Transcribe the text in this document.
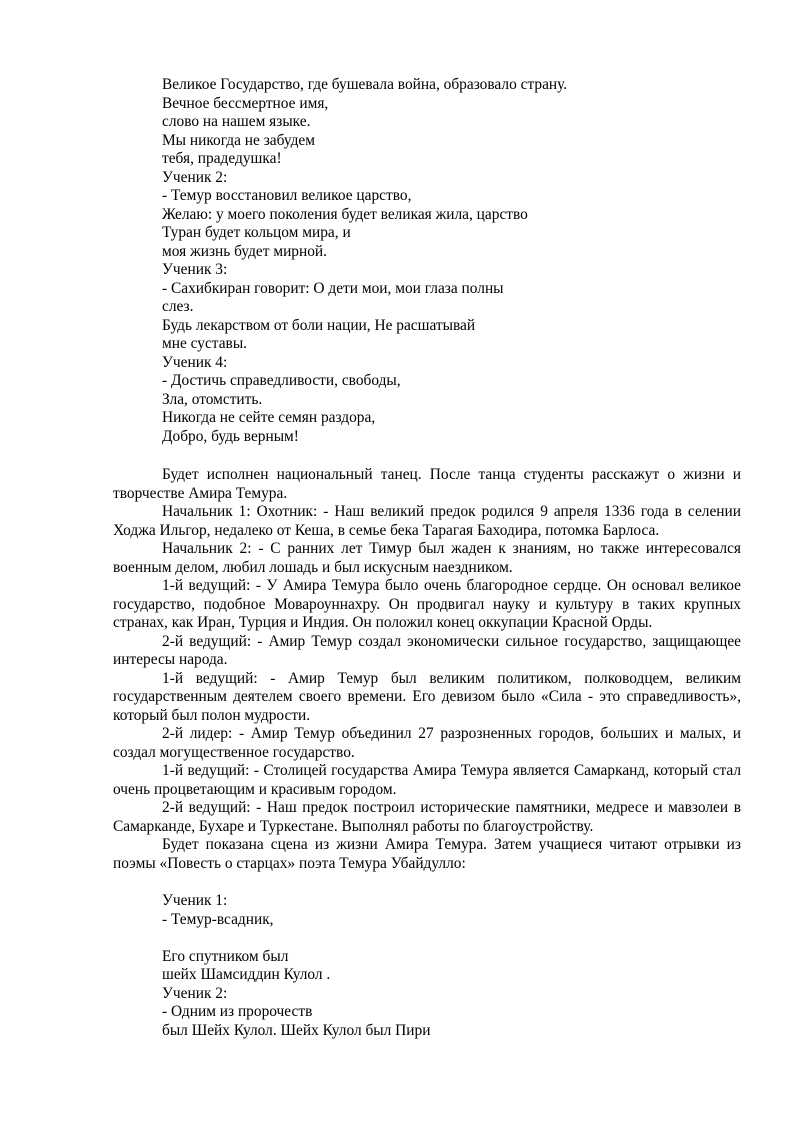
Великое Государство, где бушевала война, образовало страну.
Вечное бессмертное имя,
слово на нашем языке.
Мы никогда не забудем
тебя, прадедушка!
Ученик 2:
- Темур восстановил великое царство,
Желаю: у моего поколения будет великая жила, царство
Туран будет кольцом мира, и
моя жизнь будет мирной.
Ученик 3:
- Сахибкиран говорит: О дети мои, мои глаза полны
слез.
Будь лекарством от боли нации, Не расшатывай
мне суставы.
Ученик 4:
- Достичь справедливости, свободы,
Зла, отомстить.
Никогда не сейте семян раздора,
Добро, будь верным!

Будет исполнен национальный танец. После танца студенты расскажут о жизни и творчестве Амира Темура.

Начальник 1: Охотник: - Наш великий предок родился 9 апреля 1336 года в селении Ходжа Ильгор, недалеко от Кеша, в семье бека Тарагая Баходира, потомка Барлоса.

Начальник 2: - С ранних лет Тимур был жаден к знаниям, но также интересовался военным делом, любил лошадь и был искусным наездником.

1-й ведущий: - У Амира Темура было очень благородное сердце. Он основал великое государство, подобное Мовароуннахру. Он продвигал науку и культуру в таких крупных странах, как Иран, Турция и Индия. Он положил конец оккупации Красной Орды.

2-й ведущий: - Амир Темур создал экономически сильное государство, защищающее интересы народа.

1-й ведущий: - Амир Темур был великим политиком, полководцем, великим государственным деятелем своего времени. Его девизом было «Сила - это справедливость», который был полон мудрости.

2-й лидер: - Амир Темур объединил 27 разрозненных городов, больших и малых, и создал могущественное государство.

1-й ведущий: - Столицей государства Амира Темура является Самарканд, который стал очень процветающим и красивым городом.

2-й ведущий: - Наш предок построил исторические памятники, медресе и мавзолеи в Самарканде, Бухаре и Туркестане. Выполнял работы по благоустройству.

Будет показана сцена из жизни Амира Темура. Затем учащиеся читают отрывки из поэмы «Повесть о старцах» поэта Темура Убайдулло:

Ученик 1:
- Темур-всадник,
Его спутником был
шейх Шамсиддин Кулол .
Ученик 2:
- Одним из пророчеств
был Шейх Кулол. Шейх Кулол был Пири
